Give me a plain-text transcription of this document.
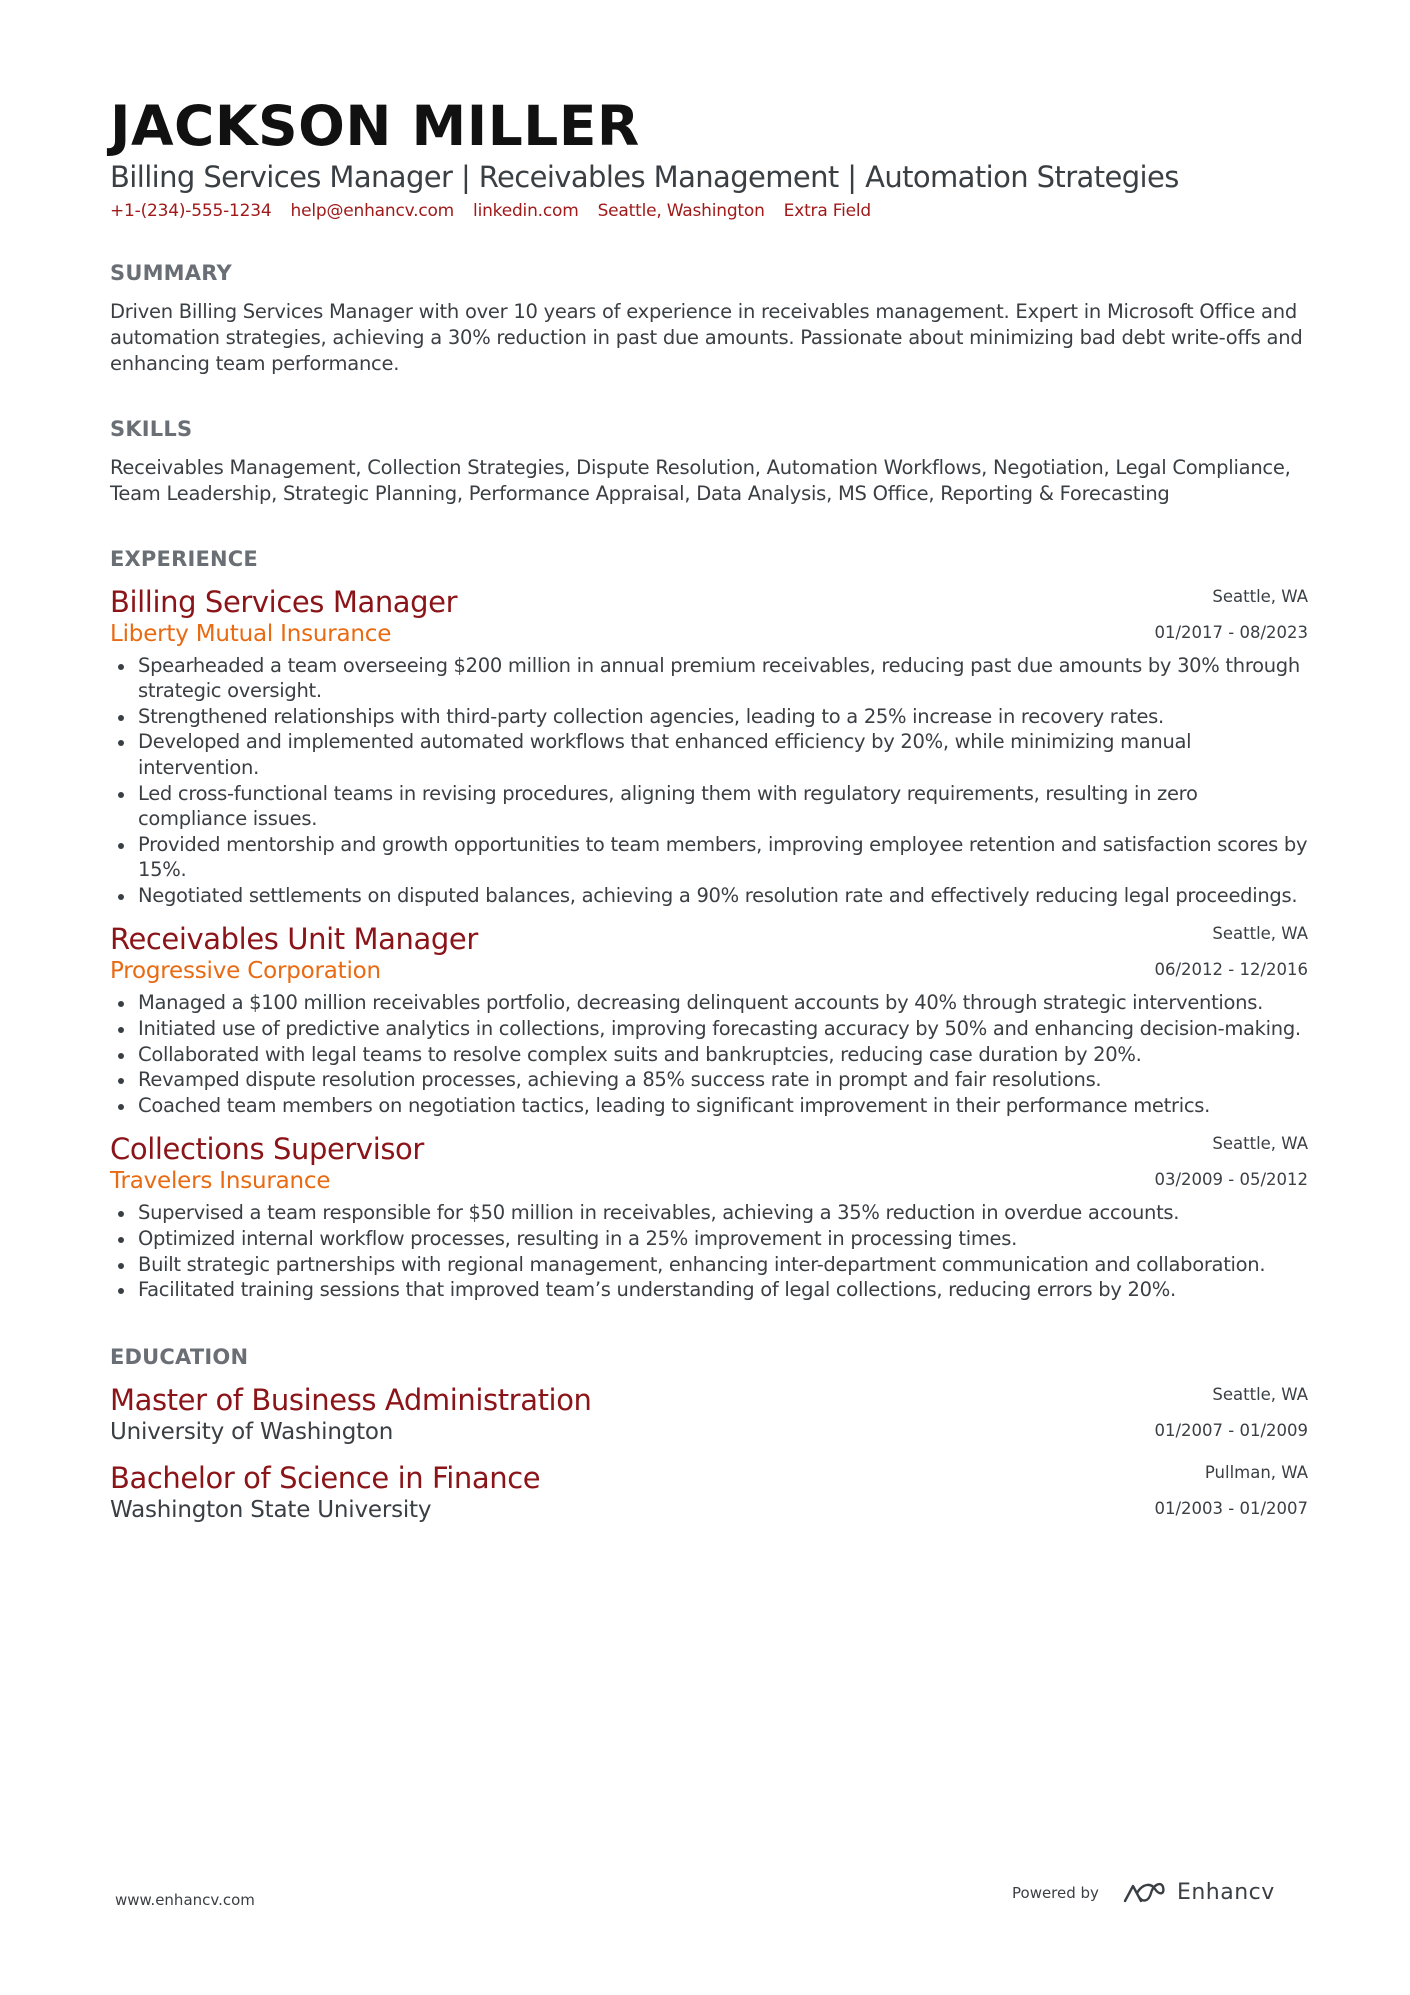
JACKSON MILLER
Billing Services Manager | Receivables Management | Automation Strategies
+1-(234)-555-1234 help@enhancv.com linkedin.com Seattle, Washington Extra Field
SUMMARY
Driven Billing Services Manager with over 10 years of experience in receivables management. Expert in Microsoft Office and automation strategies, achieving a 30% reduction in past due amounts. Passionate about minimizing bad debt write-offs and enhancing team performance.
SKILLS
Receivables Management, Collection Strategies, Dispute Resolution, Automation Workflows, Negotiation, Legal Compliance, Team Leadership, Strategic Planning, Performance Appraisal, Data Analysis, MS Office, Reporting & Forecasting
EXPERIENCE
Billing Services Manager
Liberty Mutual Insurance
Seattle, WA
01/2017 - 08/2023
Spearheaded a team overseeing $200 million in annual premium receivables, reducing past due amounts by 30% through strategic oversight.
Strengthened relationships with third-party collection agencies, leading to a 25% increase in recovery rates.
Developed and implemented automated workflows that enhanced efficiency by 20%, while minimizing manual intervention.
Led cross-functional teams in revising procedures, aligning them with regulatory requirements, resulting in zero compliance issues.
Provided mentorship and growth opportunities to team members, improving employee retention and satisfaction scores by 15%.
Negotiated settlements on disputed balances, achieving a 90% resolution rate and effectively reducing legal proceedings.
Receivables Unit Manager
Progressive Corporation
Seattle, WA
06/2012 - 12/2016
Managed a $100 million receivables portfolio, decreasing delinquent accounts by 40% through strategic interventions.
Initiated use of predictive analytics in collections, improving forecasting accuracy by 50% and enhancing decision-making.
Collaborated with legal teams to resolve complex suits and bankruptcies, reducing case duration by 20%.
Revamped dispute resolution processes, achieving a 85% success rate in prompt and fair resolutions.
Coached team members on negotiation tactics, leading to significant improvement in their performance metrics.
Collections Supervisor
Travelers Insurance
Seattle, WA
03/2009 - 05/2012
Supervised a team responsible for $50 million in receivables, achieving a 35% reduction in overdue accounts.
Optimized internal workflow processes, resulting in a 25% improvement in processing times.
Built strategic partnerships with regional management, enhancing inter-department communication and collaboration.
Facilitated training sessions that improved team’s understanding of legal collections, reducing errors by 20%.
EDUCATION
Master of Business Administration
University of Washington
Seattle, WA
01/2007 - 01/2009
Bachelor of Science in Finance
Washington State University
Pullman, WA
01/2003 - 01/2007
www.enhancv.com	Powered by	Enhancv
